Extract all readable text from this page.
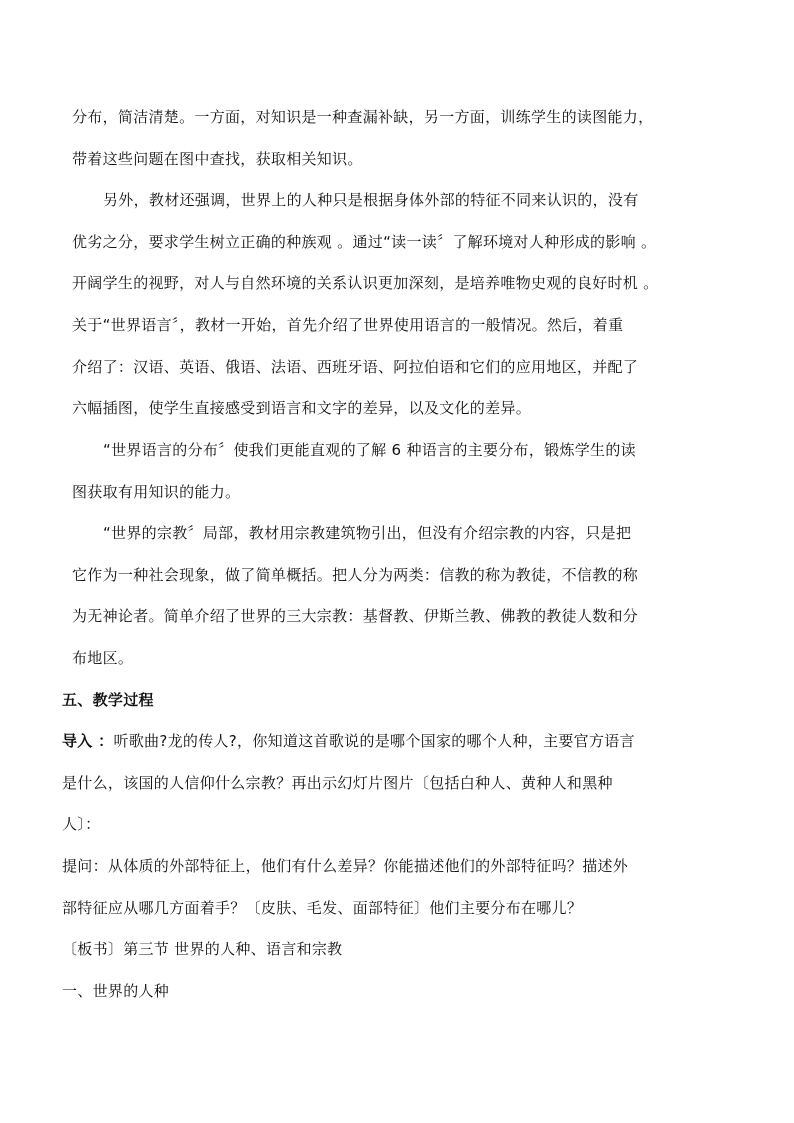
分布，简洁清楚。一方面，对知识是一种查漏补缺，另一方面，训练学生的读图能力，
带着这些问题在图中查找，获取相关知识。
另外，教材还强调，世界上的人种只是根据身体外部的特征不同来认识的，没有
优劣之分，要求学生树立正确的种族观 。通过“读一读〞了解环境对人种形成的影响 。
开阔学生的视野，对人与自然环境的关系认识更加深刻，是培养唯物史观的良好时机 。
关于“世界语言〞，教材一开始，首先介绍了世界使用语言的一般情况。然后，着重
介绍了：汉语、英语、俄语、法语、西班牙语、阿拉伯语和它们的应用地区，并配了
六幅插图，使学生直接感受到语言和文字的差异，以及文化的差异。
“世界语言的分布〞使我们更能直观的了解 6 种语言的主要分布，锻炼学生的读
图获取有用知识的能力。
“世界的宗教〞局部，教材用宗教建筑物引出，但没有介绍宗教的内容，只是把
它作为一种社会现象，做了简单概括。把人分为两类：信教的称为教徒，不信教的称
为无神论者。简单介绍了世界的三大宗教：基督教、伊斯兰教、佛教的教徒人数和分
布地区。
五、教学过程
导入 ：听歌曲?龙的传人?，你知道这首歌说的是哪个国家的哪个人种，主要官方语言
是什么，该国的人信仰什么宗教？再出示幻灯片图片〔包括白种人、黄种人和黑种
人〕：
提问：从体质的外部特征上，他们有什么差异？你能描述他们的外部特征吗？描述外
部特征应从哪几方面着手？〔皮肤、毛发、面部特征〕他们主要分布在哪儿？
〔板书〕第三节 世界的人种、语言和宗教
一、世界的人种
